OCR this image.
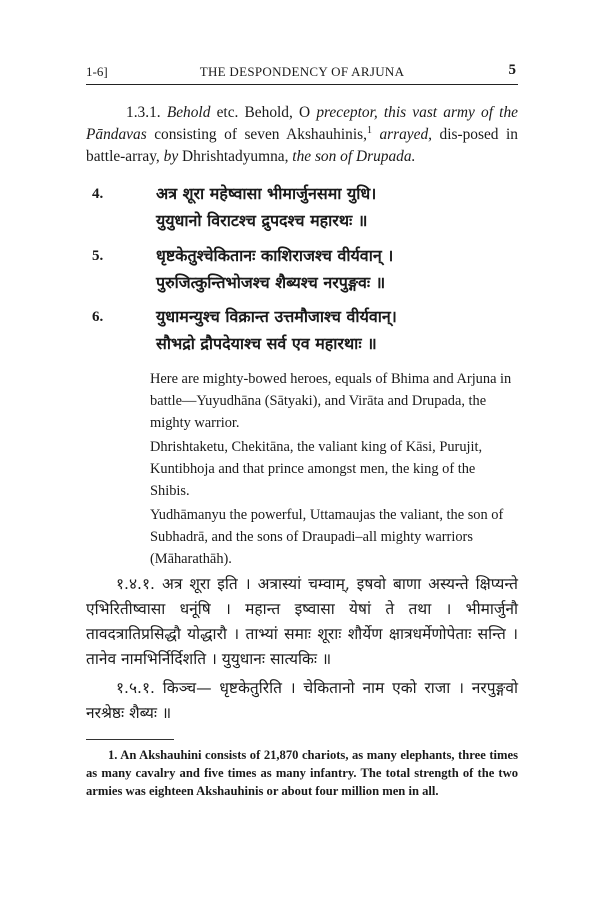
1-6]	THE DESPONDENCY OF ARJUNA	5

1.3.1. Behold etc. Behold, O preceptor, this vast army of the Pāndavas consisting of seven Akshauhinis,$^1$ arrayed, dis-posed in battle-array, by Dhrishtadyumna, the son of Drupada.

4.	अत्र शूरा महेष्वासा भीमार्जुनसमा युधि।
युयुधानो विराटश्च द्रुपदश्च महारथः ॥
5.	धृष्टकेतुश्चेकितानः काशिराजश्च वीर्यवान् ।
पुरुजित्कुन्तिभोजश्च शैब्यश्च नरपुङ्गवः ॥
6.	युधामन्युश्च विक्रान्त उत्तमौजाश्च वीर्यवान्।
सौभद्रो द्रौपदेयाश्च सर्व एव महारथाः ॥

Here are mighty-bowed heroes, equals of Bhima and Arjuna in battle—Yuyudhāna (Sātyaki), and Virāta and Drupada, the mighty warrior.

Dhrishtaketu, Chekitāna, the valiant king of Kāsi, Purujit, Kuntibhoja and that prince amongst men, the king of the Shibis.

Yudhāmanyu the powerful, Uttamaujas the valiant, the son of Subhadrā, and the sons of Draupadi–all mighty warriors (Māharathāh).

१.४.१. अत्र शूरा इति । अत्रास्यां चम्वाम्, इषवो बाणा अस्यन्ते क्षिप्यन्ते एभिरितीष्वासा धनूंषि । महान्त इष्वासा येषां ते तथा । भीमार्जुनौ तावदत्रातिप्रसिद्धौ योद्धारौ । ताभ्यां समाः शूराः शौर्येण क्षात्रधर्मेणोपेताः सन्ति । तानेव नामभिर्निर्दिशति । युयुधानः सात्यकिः ॥

१.५.१. किञ्च— धृष्टकेतुरिति । चेकितानो नाम एको राजा । नरपुङ्गवो नरश्रेष्ठः शैब्यः ॥

1. An Akshauhini consists of 21,870 chariots, as many elephants, three times as many cavalry and five times as many infantry. The total strength of the two armies was eighteen Akshauhinis or about four million men in all.
